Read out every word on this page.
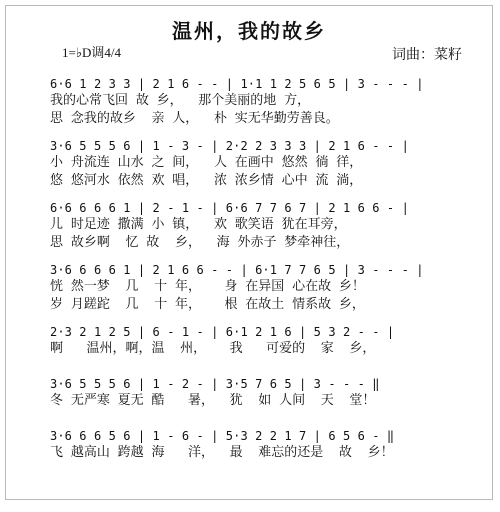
温州，我的故乡
1=♭D调4/4	词曲：菜籽
6·6 1 2 3 3 | 2 1 6 - - | 1·1 1 2 5 6 5 | 3 - - - |
我的心常飞回 故 乡，  那个美丽的地 方，
思 念我的故乡  亲 人，  朴 实无华勤劳善良。
3·6 5 5 5 6 | 1 - 3 - | 2·2 2 3 3 3 | 2 1 6 - - |
小 舟流连 山水 之 间，  人 在画中 悠然 徜 徉，
悠 悠河水 依然 欢 唱，  浓 浓乡情 心中 流 淌，
6·6 6 6 6 1 | 2 - 1 - | 6·6 7 7 6 7 | 2 1 6 6 - |
儿 时足迹 撒满 小 镇，  欢 歌笑语 犹在耳旁，
思 故乡啊  忆 故  乡，  海 外赤子 梦牵神往，
3·6 6 6 6 1 | 2 1 6 6 - - | 6·1 7 7 6 5 | 3 - - - |
恍 然一梦  几  十 年，   身 在异国 心在故 乡！
岁 月蹉跎  几  十 年，   根 在故土 情系故 乡，
2·3 2 1 2 5 | 6 - 1 - | 6·1 2 1 6 | 5 3 2 - - |
啊   温州，啊，温  州，   我   可爱的  家  乡，
3·6 5 5 5 6 | 1 - 2 - | 3·5 7 6 5 | 3 - - - ‖
冬 无严寒 夏无 酷   暑，  犹  如 人间  天  堂！
3·6 6 6 5 6 | 1 - 6 - | 5·3 2 2 1 7 | 6 5 6 - ‖
飞 越高山 跨越 海   洋，  最  难忘的还是  故  乡！
